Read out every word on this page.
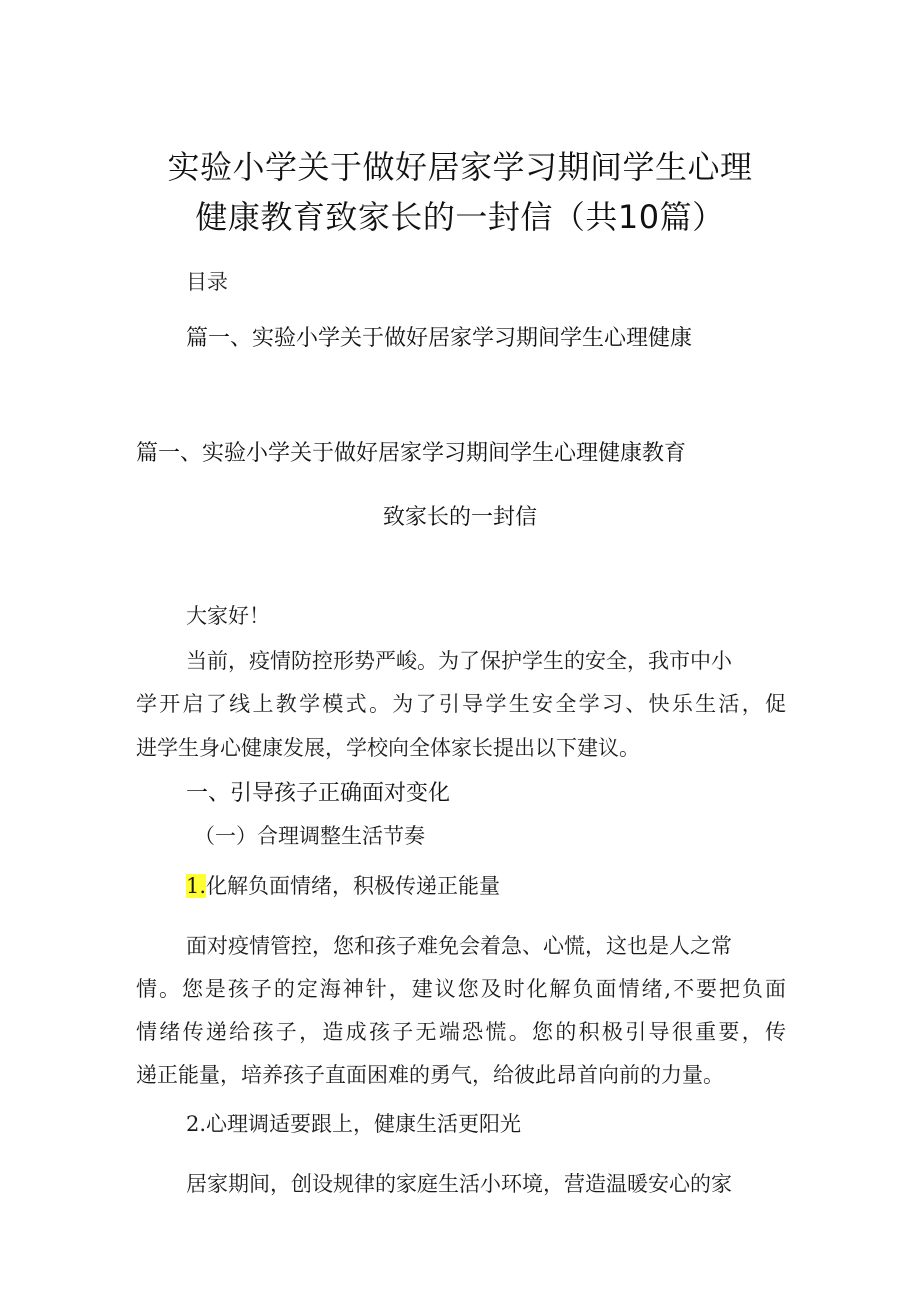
实验小学关于做好居家学习期间学生心理
健康教育致家长的一封信（共10篇）
目录
篇一、实验小学关于做好居家学习期间学生心理健康
篇一、实验小学关于做好居家学习期间学生心理健康教育
致家长的一封信
大家好！
当前，疫情防控形势严峻。为了保护学生的安全，我市中小
学开启了线上教学模式。为了引导学生安全学习、快乐生活，促
进学生身心健康发展，学校向全体家长提出以下建议。
一、引导孩子正确面对变化
（一）合理调整生活节奏
1.化解负面情绪，积极传递正能量
面对疫情管控，您和孩子难免会着急、心慌，这也是人之常
情。您是孩子的定海神针，建议您及时化解负面情绪,不要把负面
情绪传递给孩子，造成孩子无端恐慌。您的积极引导很重要，传
递正能量，培养孩子直面困难的勇气，给彼此昂首向前的力量。
2.心理调适要跟上，健康生活更阳光
居家期间，创设规律的家庭生活小环境，营造温暖安心的家
